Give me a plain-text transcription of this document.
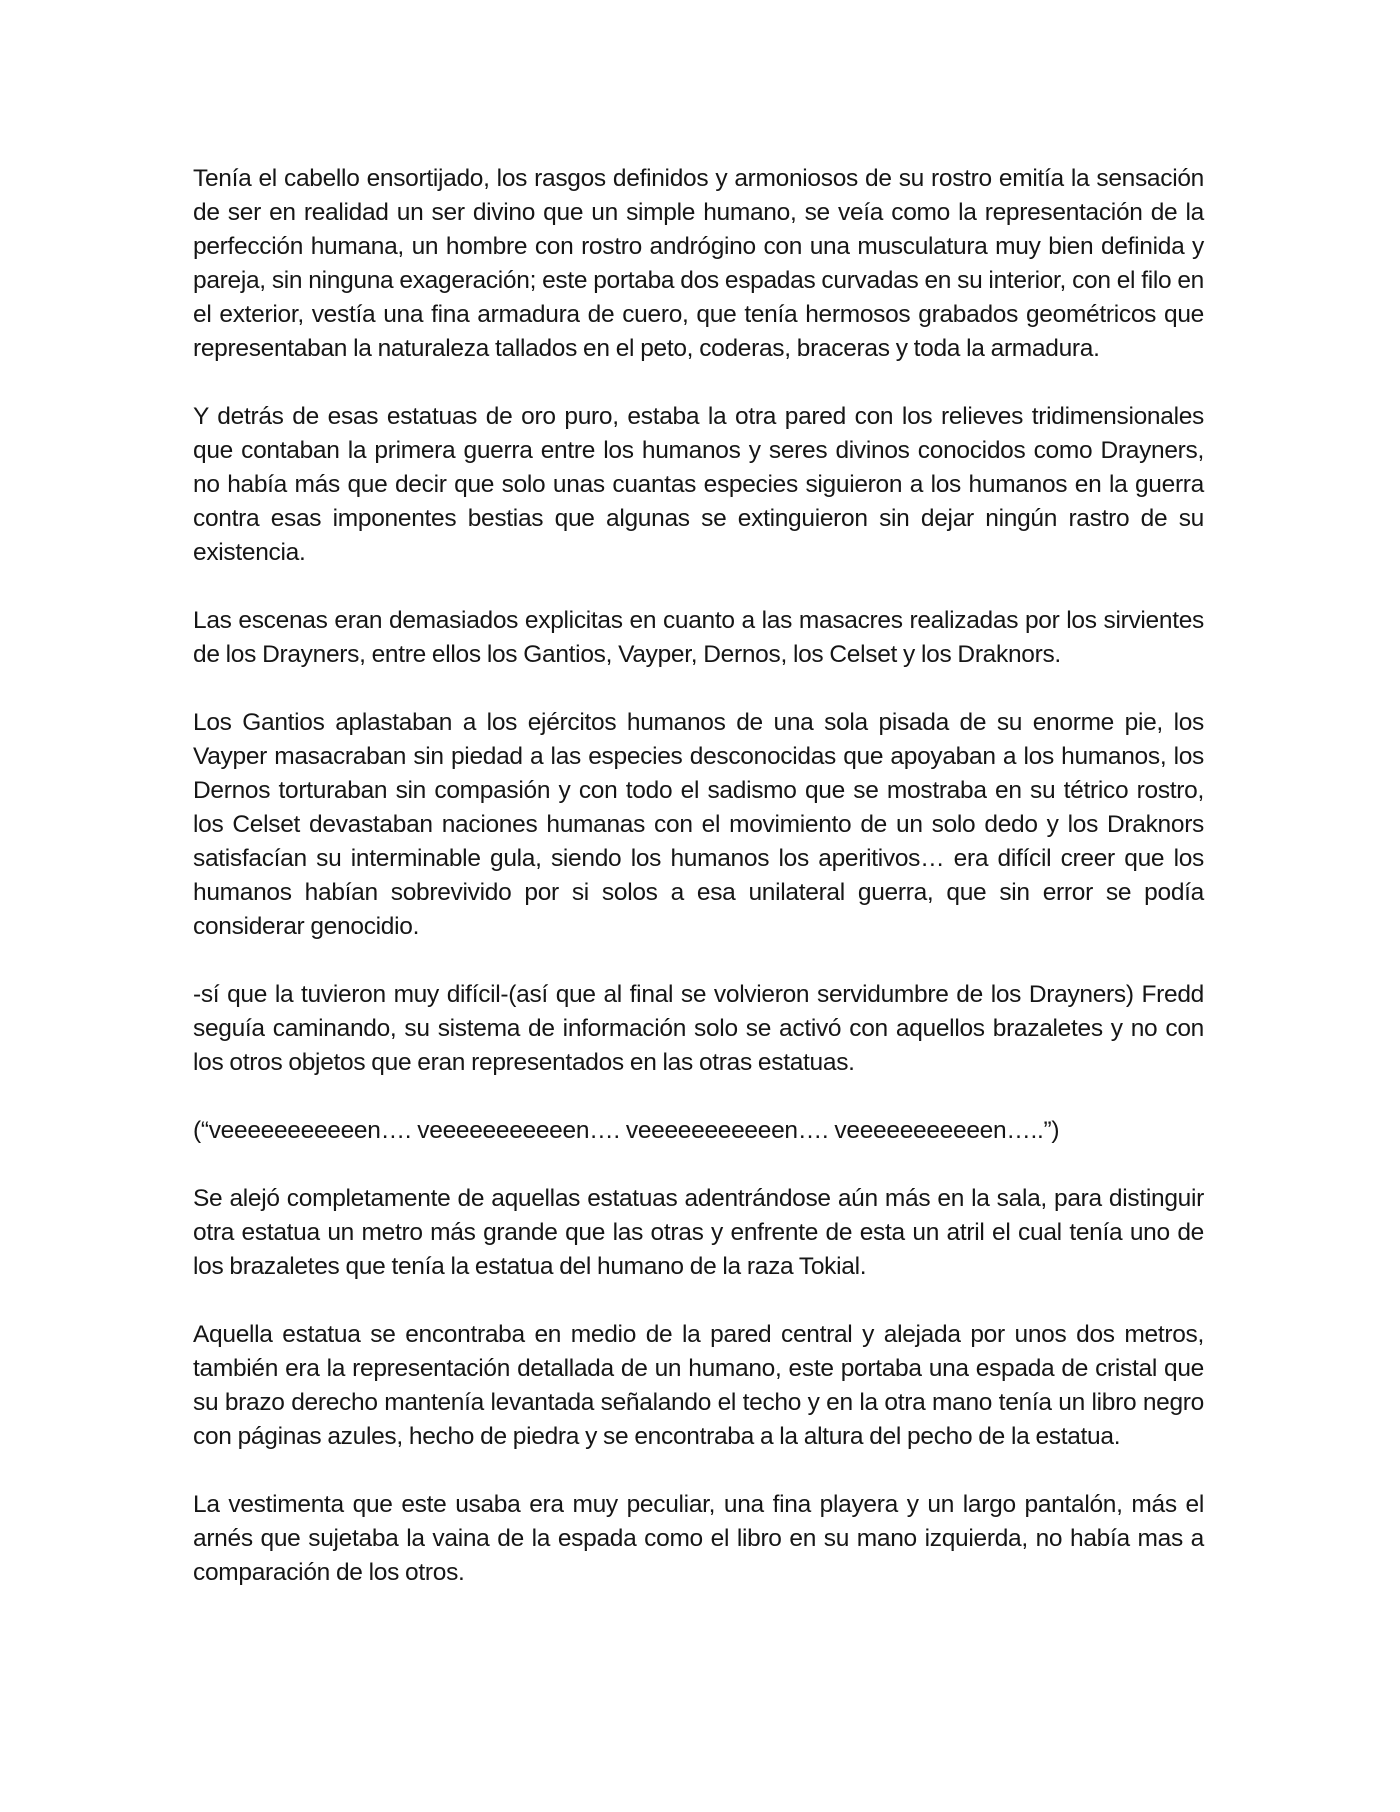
Tenía el cabello ensortijado, los rasgos definidos y armoniosos de su rostro emitía la sensación de ser en realidad un ser divino que un simple humano, se veía como la representación de la perfección humana, un hombre con rostro andrógino con una musculatura muy bien definida y pareja, sin ninguna exageración; este portaba dos espadas curvadas en su interior, con el filo en el exterior, vestía una fina armadura de cuero, que tenía hermosos grabados geométricos que representaban la naturaleza tallados en el peto, coderas, braceras y toda la armadura.

Y detrás de esas estatuas de oro puro, estaba la otra pared con los relieves tridimensionales que contaban la primera guerra entre los humanos y seres divinos conocidos como Drayners, no había más que decir que solo unas cuantas especies siguieron a los humanos en la guerra contra esas imponentes bestias que algunas se extinguieron sin dejar ningún rastro de su existencia.

Las escenas eran demasiados explicitas en cuanto a las masacres realizadas por los sirvientes de los Drayners, entre ellos los Gantios, Vayper, Dernos, los Celset y los Draknors.

Los Gantios aplastaban a los ejércitos humanos de una sola pisada de su enorme pie, los Vayper masacraban sin piedad a las especies desconocidas que apoyaban a los humanos, los Dernos torturaban sin compasión y con todo el sadismo que se mostraba en su tétrico rostro, los Celset devastaban naciones humanas con el movimiento de un solo dedo y los Draknors satisfacían su interminable gula, siendo los humanos los aperitivos… era difícil creer que los humanos habían sobrevivido por si solos a esa unilateral guerra, que sin error se podía considerar genocidio.

-sí que la tuvieron muy difícil-(así que al final se volvieron servidumbre de los Drayners) Fredd seguía caminando, su sistema de información solo se activó con aquellos brazaletes y no con los otros objetos que eran representados en las otras estatuas.

(“veeeeeeeeeeen…. veeeeeeeeeeen…. veeeeeeeeeeen…. veeeeeeeeeeen…..”)

Se alejó completamente de aquellas estatuas adentrándose aún más en la sala, para distinguir otra estatua un metro más grande que las otras y enfrente de esta un atril el cual tenía uno de los brazaletes que tenía la estatua del humano de la raza Tokial.

Aquella estatua se encontraba en medio de la pared central y alejada por unos dos metros, también era la representación detallada de un humano, este portaba una espada de cristal que su brazo derecho mantenía levantada señalando el techo y en la otra mano tenía un libro negro con páginas azules, hecho de piedra y se encontraba a la altura del pecho de la estatua.

La vestimenta que este usaba era muy peculiar, una fina playera y un largo pantalón, más el arnés que sujetaba la vaina de la espada como el libro en su mano izquierda, no había mas a comparación de los otros.
